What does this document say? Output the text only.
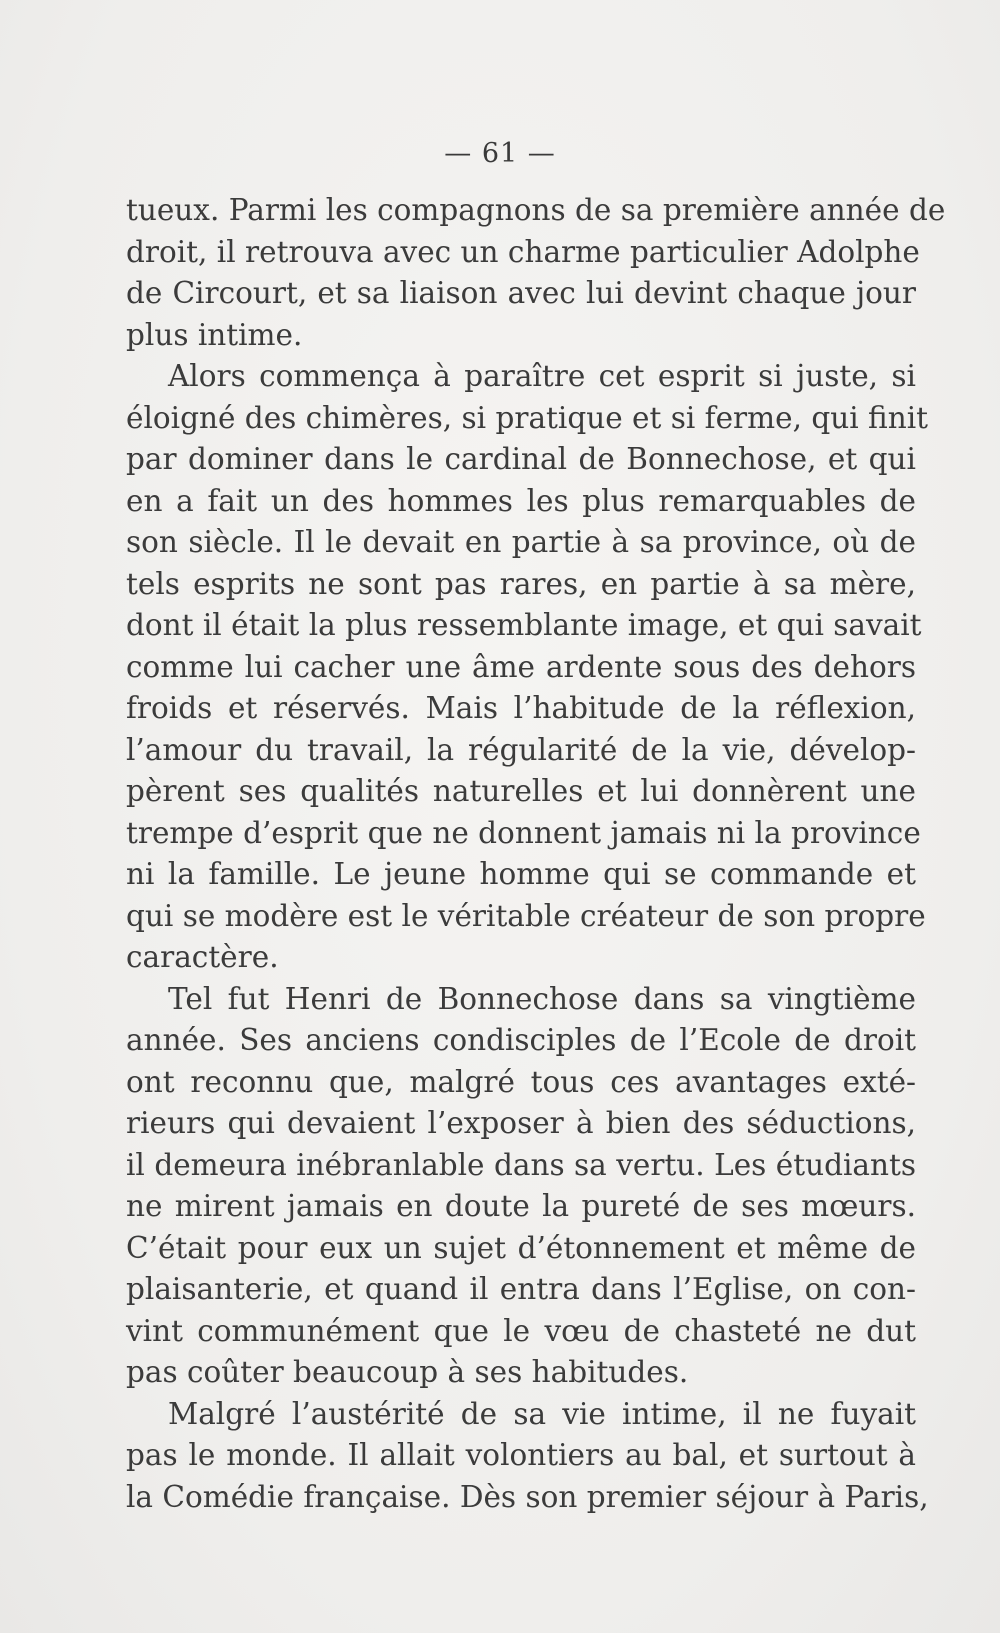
— 61 —
tueux. Parmi les compagnons de sa première année de
droit, il retrouva avec un charme particulier Adolphe
de Circourt, et sa liaison avec lui devint chaque jour
plus intime.
Alors commença à paraître cet esprit si juste, si
éloigné des chimères, si pratique et si ferme, qui finit
par dominer dans le cardinal de Bonnechose, et qui
en a fait un des hommes les plus remarquables de
son siècle. Il le devait en partie à sa province, où de
tels esprits ne sont pas rares, en partie à sa mère,
dont il était la plus ressemblante image, et qui savait
comme lui cacher une âme ardente sous des dehors
froids et réservés. Mais l’habitude de la réflexion,
l’amour du travail, la régularité de la vie, dévelop-
pèrent ses qualités naturelles et lui donnèrent une
trempe d’esprit que ne donnent jamais ni la province
ni la famille. Le jeune homme qui se commande et
qui se modère est le véritable créateur de son propre
caractère.
Tel fut Henri de Bonnechose dans sa vingtième
année. Ses anciens condisciples de l’Ecole de droit
ont reconnu que, malgré tous ces avantages exté-
rieurs qui devaient l’exposer à bien des séductions,
il demeura inébranlable dans sa vertu. Les étudiants
ne mirent jamais en doute la pureté de ses mœurs.
C’était pour eux un sujet d’étonnement et même de
plaisanterie, et quand il entra dans l’Eglise, on con-
vint communément que le vœu de chasteté ne dut
pas coûter beaucoup à ses habitudes.
Malgré l’austérité de sa vie intime, il ne fuyait
pas le monde. Il allait volontiers au bal, et surtout à
la Comédie française. Dès son premier séjour à Paris,
